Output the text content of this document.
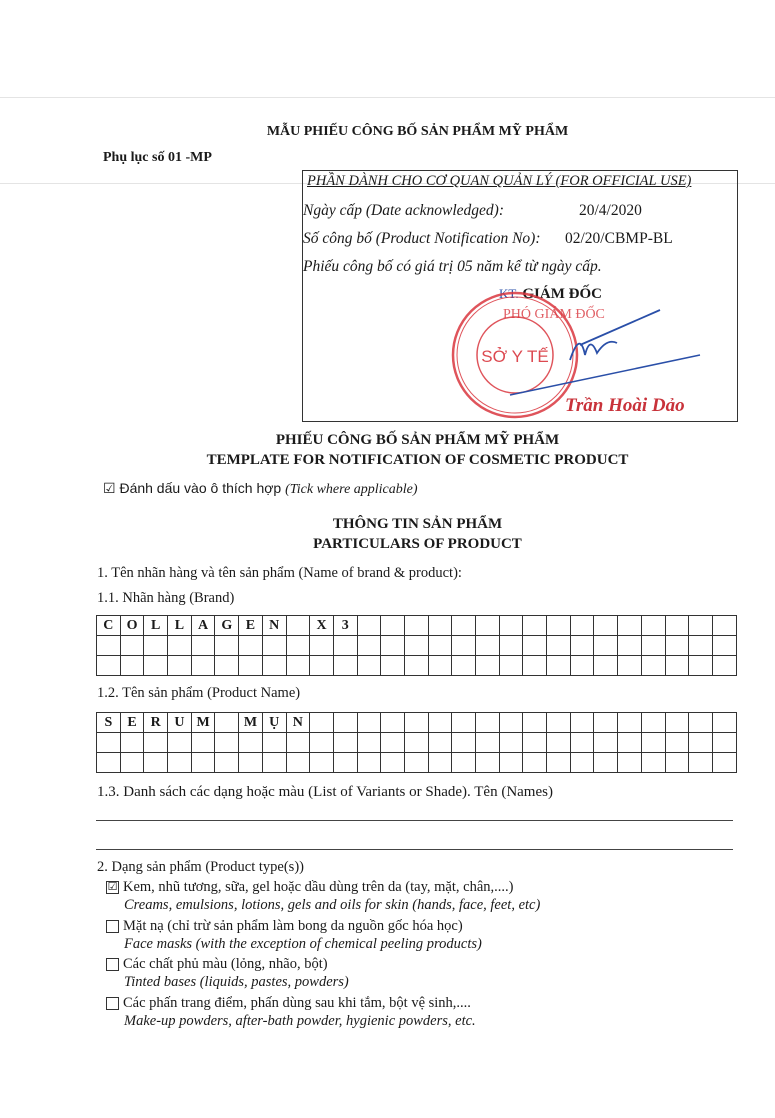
MẪU PHIẾU CÔNG BỐ SẢN PHẨM MỸ PHẨM
Phụ lục số 01 -MP
PHẦN DÀNH CHO CƠ QUAN QUẢN LÝ (FOR OFFICIAL USE)
Ngày cấp (Date acknowledged):	20/4/2020
Số công bố (Product Notification No): 02/20/CBMP-BL
Phiếu công bố có giá trị 05 năm kể từ ngày cấp.
KT. GIÁM ĐỐC
PHÓ GIÁM ĐỐC
Trần Hoài Dảo
SỞ Y TẾ
PHIẾU CÔNG BỐ SẢN PHẨM MỸ PHẨM
TEMPLATE FOR NOTIFICATION OF COSMETIC PRODUCT
☑ Đánh dấu vào ô thích hợp (Tick where applicable)
THÔNG TIN SẢN PHẨM
PARTICULARS OF PRODUCT
1. Tên nhãn hàng và tên sản phẩm (Name of brand & product):
1.1. Nhãn hàng (Brand)
C	O	L	L	A	G	E	N		X	3																

1.2. Tên sản phẩm (Product Name)
S	E	R	U	M		M	Ụ	N																		

1.3. Danh sách các dạng hoặc màu (List of Variants or Shade). Tên (Names)
2. Dạng sản phẩm (Product type(s))
☑ Kem, nhũ tương, sữa, gel hoặc dầu dùng trên da (tay, mặt, chân,....)
Creams, emulsions, lotions, gels and oils for skin (hands, face, feet, etc)
Mặt nạ (chỉ trừ sản phẩm làm bong da nguồn gốc hóa học)
Face masks (with the exception of chemical peeling products)
Các chất phủ màu (lỏng, nhão, bột)
Tinted bases (liquids, pastes, powders)
Các phấn trang điểm, phấn dùng sau khi tắm, bột vệ sinh,....
Make-up powders, after-bath powder, hygienic powders, etc.
